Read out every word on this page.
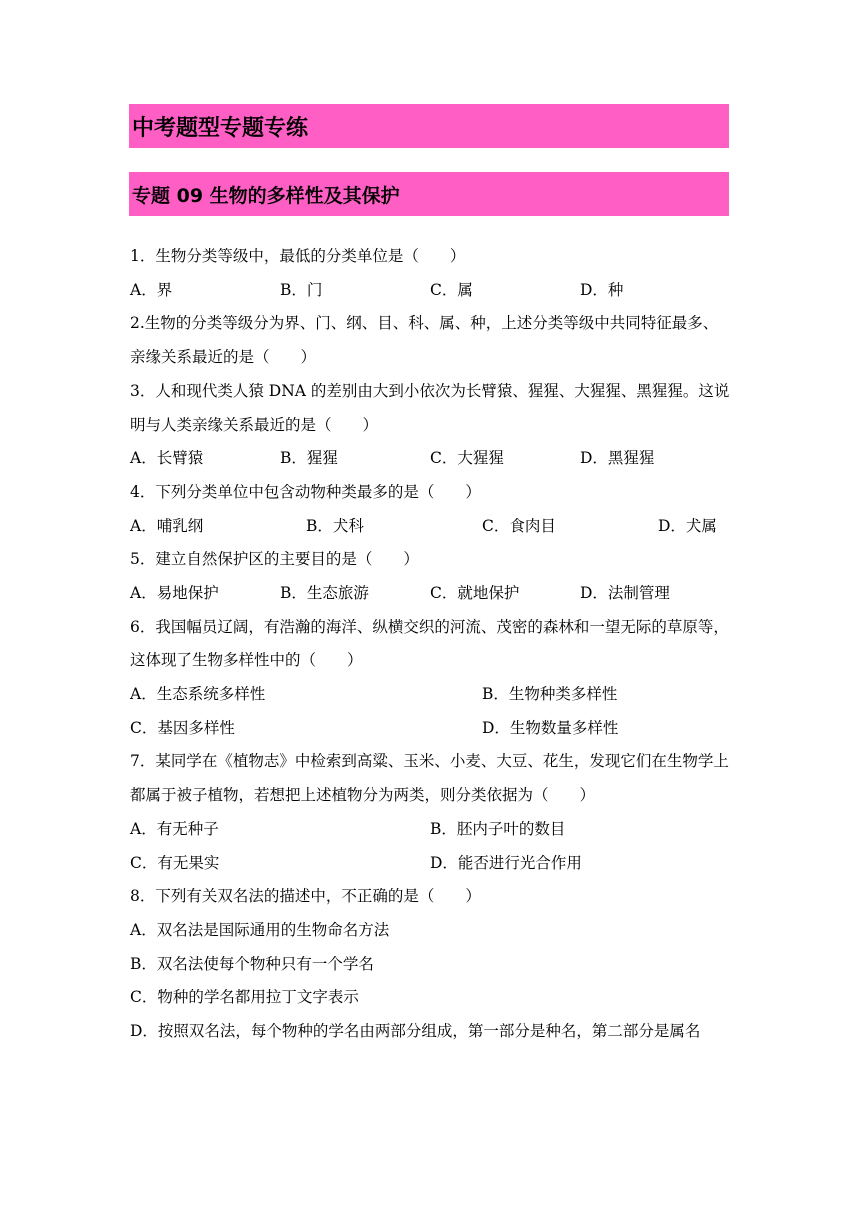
中考题型专题专练
专题 09 生物的多样性及其保护

1．生物分类等级中，最低的分类单位是（　　）

A．界	B．门	C．属	D．种

2.生物的分类等级分为界、门、纲、目、科、属、种，上述分类等级中共同特征最多、亲缘关系最近的是（　　）

3．人和现代类人猿 DNA 的差别由大到小依次为长臂猿、猩猩、大猩猩、黑猩猩。这说明与人类亲缘关系最近的是（　　）

A．长臂猿	B．猩猩	C．大猩猩	D．黑猩猩

4．下列分类单位中包含动物种类最多的是（　　）

A．哺乳纲	B．犬科	C．食肉目	D．犬属

5．建立自然保护区的主要目的是（　　）

A．易地保护	B．生态旅游	C．就地保护	D．法制管理

6．我国幅员辽阔，有浩瀚的海洋、纵横交织的河流、茂密的森林和一望无际的草原等，这体现了生物多样性中的（　　）

A．生态系统多样性	B．生物种类多样性
C．基因多样性	D．生物数量多样性

7．某同学在《植物志》中检索到高粱、玉米、小麦、大豆、花生，发现它们在生物学上都属于被子植物，若想把上述植物分为两类，则分类依据为（　　）

A．有无种子	B．胚内子叶的数目
C．有无果实	D．能否进行光合作用

8．下列有关双名法的描述中，不正确的是（　　）

A．双名法是国际通用的生物命名方法

B．双名法使每个物种只有一个学名

C．物种的学名都用拉丁文字表示

D．按照双名法，每个物种的学名由两部分组成，第一部分是种名，第二部分是属名
